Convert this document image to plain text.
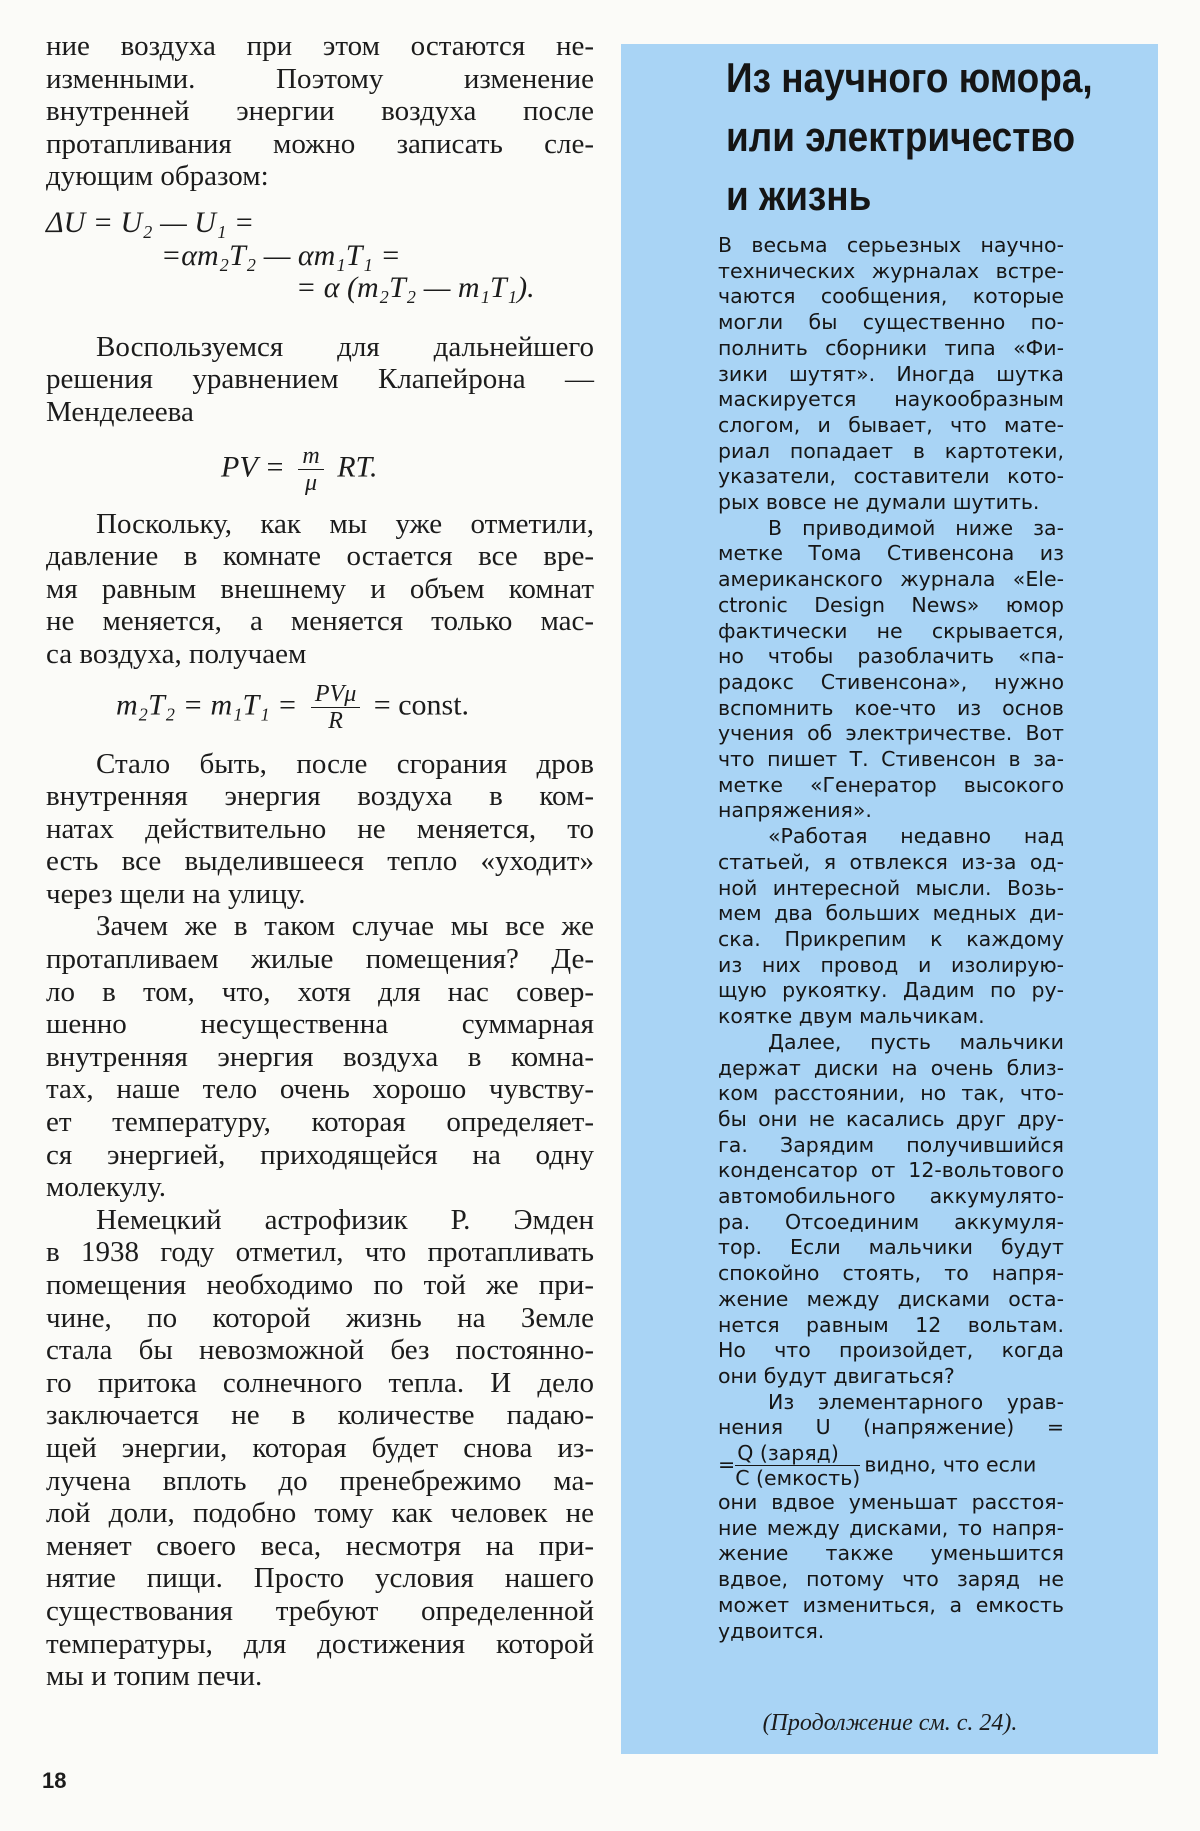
ние воздуха при этом остаются не-
изменными. Поэтому изменение
внутренней энергии воздуха после
протапливания можно записать сле-

дующим образом:

ΔU = U₂ — U₁ =
=αm₂T₂ — αm₁T₁ =
= α (m₂T₂ — m₁T₁).

Воспользуемся для дальнейшего
решения уравнением Клапейрона —

Менделеева

PV = $\frac{m}{\mu}$ RT.

Поскольку, как мы уже отметили,
давление в комнате остается все вре-
мя равным внешнему и объем комнат
не меняется, а меняется только мас-

са воздуха, получаем

$m_2T_2 = m_1T_1 = \frac{\text{PVμ}}{R}$ = const.

Стало быть, после сгорания дров
внутренняя энергия воздуха в ком-
натах действительно не меняется, то
есть все выделившееся тепло «уходит»

через щели на улицу.

Зачем же в таком случае мы все же
протапливаем жилые помещения? Де-
ло в том, что, хотя для нас совер-
шенно несущественна суммарная
внутренняя энергия воздуха в комна-
тах, наше тело очень хорошо чувству-
ет температуру, которая определяет-
ся энергией, приходящейся на одну

молекулу.

Немецкий астрофизик Р. Эмден
в 1938 году отметил, что протапливать
помещения необходимо по той же при-
чине, по которой жизнь на Земле
стала бы невозможной без постоянно-
го притока солнечного тепла. И дело
заключается не в количестве падаю-
щей энергии, которая будет снова из-
лучена вплоть до пренебрежимо ма-
лой доли, подобно тому как человек не
меняет своего веса, несмотря на при-
нятие пищи. Просто условия нашего
существования требуют определенной
температуры, для достижения которой

мы и топим печи.

Из научного юмора,
или электричество
и жизнь

В весьма серьезных научно-
технических журналах встре-
чаются сообщения, которые
могли бы существенно по-
полнить сборники типа «Фи-
зики шутят». Иногда шутка
маскируется наукообразным
слогом, и бывает, что мате-
риал попадает в картотеки,
указатели, составители кото-

рых вовсе не думали шутить.

В приводимой ниже за-
метке Тома Стивенсона из
американского журнала «Ele-
ctronic Design News» юмор
фактически не скрывается,
но чтобы разоблачить «па-
радокс Стивенсона», нужно
вспомнить кое-что из основ
учения об электричестве. Вот
что пишет Т. Стивенсон в за-
метке «Генератор высокого

напряжения».

«Работая недавно над
статьей, я отвлекся из-за од-
ной интересной мысли. Возь-
мем два больших медных ди-
ска. Прикрепим к каждому
из них провод и изолирую-
щую рукоятку. Дадим по ру-

коятке двум мальчикам.

Далее, пусть мальчики
держат диски на очень близ-
ком расстоянии, но так, что-
бы они не касались друг дру-
га. Зарядим получившийся
конденсатор от 12-вольтового
автомобильного аккумулято-
ра. Отсоединим аккумуля-
тор. Если мальчики будут
спокойно стоять, то напря-
жение между дисками оста-
нется равным 12 вольтам.
Но что произойдет, когда

они будут двигаться?

Из элементарного урав-

нения U (напряжение) =

= $\frac{\text{Q (заряд)}}{\text{C (емкость)}}$ видно, что если

они вдвое уменьшат расстоя-
ние между дисками, то напря-
жение также уменьшится
вдвое, потому что заряд не
может измениться, а емкость

удвоится.

(Продолжение см. с. 24).
18
